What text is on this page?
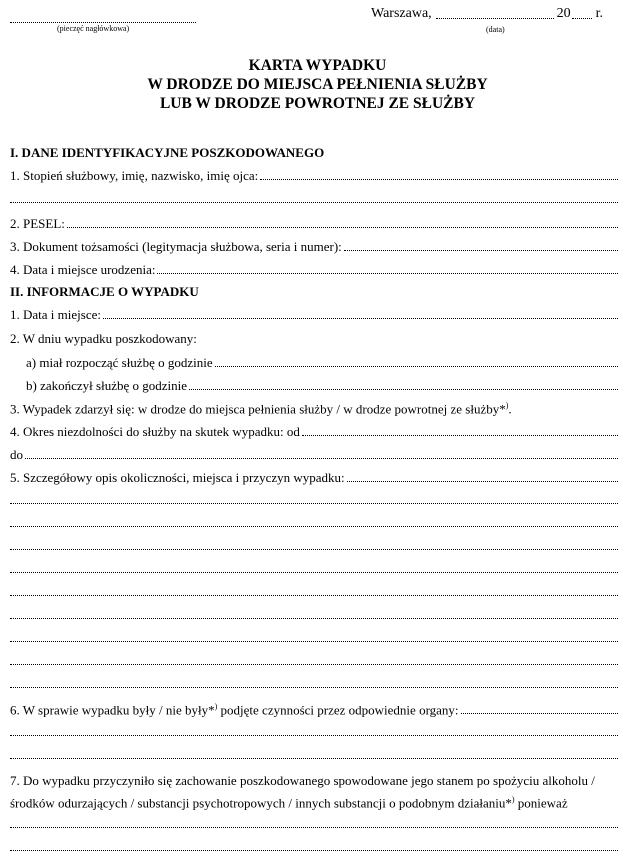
(pieczęć nagłówkowa)
Warszawa,	20 r.
(data)
KARTA WYPADKU
W DRODZE DO MIEJSCA PEŁNIENIA SŁUŻBY
LUB W DRODZE POWROTNEJ ZE SŁUŻBY
I. DANE IDENTYFIKACYJNE POSZKODOWANEGO
1. Stopień służbowy, imię, nazwisko, imię ojca:
2. PESEL:
3. Dokument tożsamości (legitymacja służbowa, seria i numer):
4. Data i miejsce urodzenia:
II. INFORMACJE O WYPADKU
1. Data i miejsce:
2. W dniu wypadku poszkodowany:
a) miał rozpocząć służbę o godzinie
b) zakończył służbę o godzinie
3. Wypadek zdarzył się: w drodze do miejsca pełnienia służby / w drodze powrotnej ze służby*).
4. Okres niezdolności do służby na skutek wypadku: od
do
5. Szczegółowy opis okoliczności, miejsca i przyczyn wypadku:
6. W sprawie wypadku były / nie były*) podjęte czynności przez odpowiednie organy:
7. Do wypadku przyczyniło się zachowanie poszkodowanego spowodowane jego stanem po spożyciu alkoholu /
środków odurzających / substancji psychotropowych / innych substancji o podobnym działaniu*) ponieważ
